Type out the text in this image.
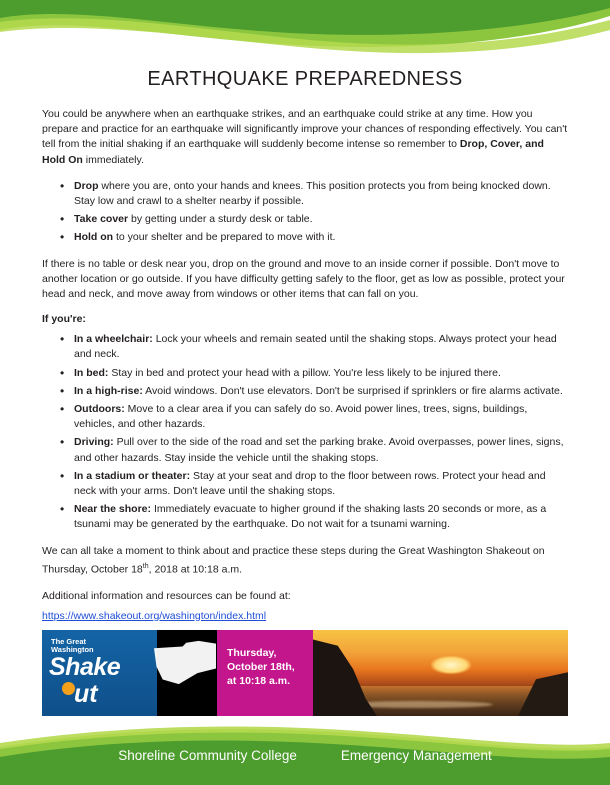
EARTHQUAKE PREPAREDNESS

You could be anywhere when an earthquake strikes, and an earthquake could strike at any time. How you prepare and practice for an earthquake will significantly improve your chances of responding effectively. You can't tell from the initial shaking if an earthquake will suddenly become intense so remember to Drop, Cover, and Hold On immediately.

• Drop where you are, onto your hands and knees. This position protects you from being knocked down. Stay low and crawl to a shelter nearby if possible.
• Take cover by getting under a sturdy desk or table.
• Hold on to your shelter and be prepared to move with it.

If there is no table or desk near you, drop on the ground and move to an inside corner if possible. Don't move to another location or go outside. If you have difficulty getting safely to the floor, get as low as possible, protect your head and neck, and move away from windows or other items that can fall on you.

If you're:

• In a wheelchair: Lock your wheels and remain seated until the shaking stops. Always protect your head and neck.
• In bed: Stay in bed and protect your head with a pillow. You're less likely to be injured there.
• In a high-rise: Avoid windows. Don't use elevators. Don't be surprised if sprinklers or fire alarms activate.
• Outdoors: Move to a clear area if you can safely do so. Avoid power lines, trees, signs, buildings, vehicles, and other hazards.
• Driving: Pull over to the side of the road and set the parking brake. Avoid overpasses, power lines, signs, and other hazards. Stay inside the vehicle until the shaking stops.
• In a stadium or theater: Stay at your seat and drop to the floor between rows. Protect your head and neck with your arms. Don't leave until the shaking stops.
• Near the shore: Immediately evacuate to higher ground if the shaking lasts 20 seconds or more, as a tsunami may be generated by the earthquake. Do not wait for a tsunami warning.

We can all take a moment to think about and practice these steps during the Great Washington Shakeout on Thursday, October 18th, 2018 at 10:18 a.m.

Additional information and resources can be found at:

https://www.shakeout.org/washington/index.html
The Great
Washington
Shake
ut
Thursday,
October 18th,
at 10:18 a.m.
Shoreline Community College	Emergency Management
